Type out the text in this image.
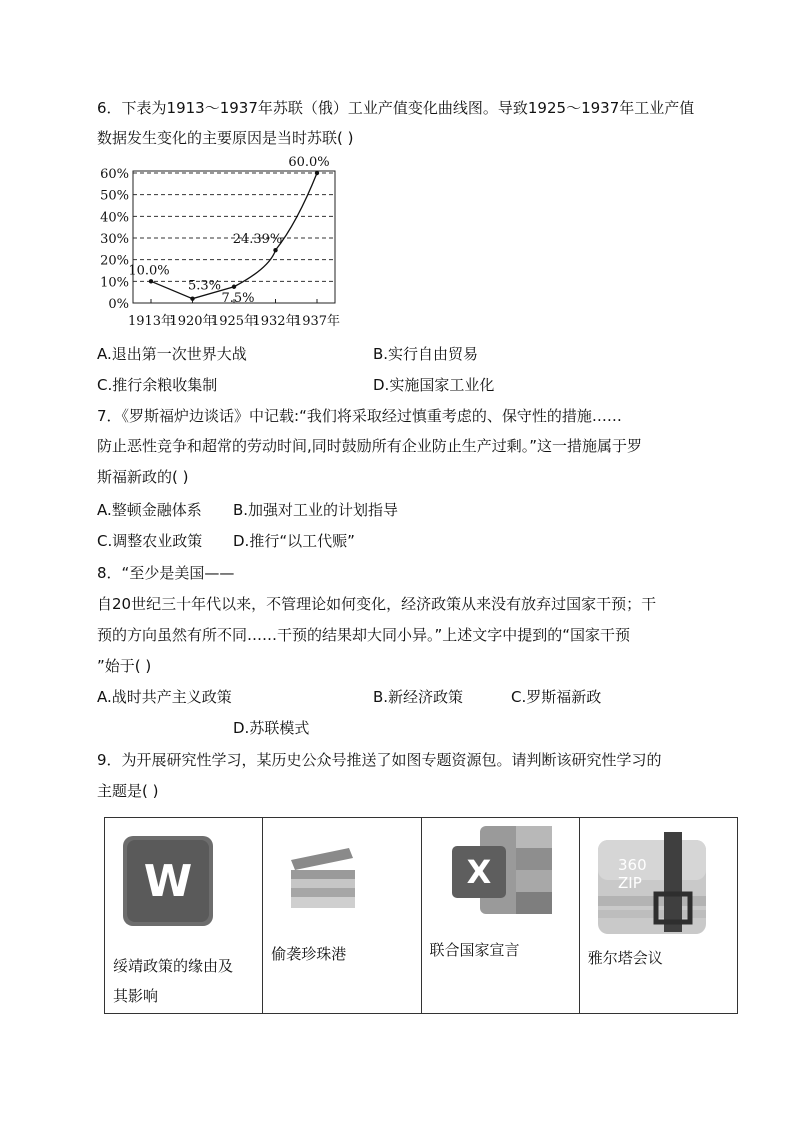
6．下表为1913～1937年苏联（俄）工业产值变化曲线图。导致1925～1937年工业产值
数据发生变化的主要原因是当时苏联( )
60%
50%
40%
30%
20%
10%
0%
1913年
1920年
1925年
1932年
1937年
10.0%
5.3%
7.5%
24.39%
60.0%
A.退出第一次世界大战	B.实行自由贸易
C.推行余粮收集制	D.实施国家工业化
7．《罗斯福炉边谈话》中记载:“我们将采取经过慎重考虑的、保守性的措施……
防止恶性竞争和超常的劳动时间,同时鼓励所有企业防止生产过剩。”这一措施属于罗
斯福新政的( )
A.整顿金融体系 B.加强对工业的计划指导
C.调整农业政策 D.推行“以工代赈”
8．“至少是美国——
自20世纪三十年代以来，不管理论如何变化，经济政策从来没有放弃过国家干预；干
预的方向虽然有所不同……干预的结果却大同小异。”上述文字中提到的“国家干预
”始于( )
A.战时共产主义政策	B.新经济政策	C.罗斯福新政
D.苏联模式
9．为开展研究性学习，某历史公众号推送了如图专题资源包。请判断该研究性学习的
主题是( )
W
绥靖政策的缘由及
其影响
偷袭珍珠港
X
联合国家宣言
360
ZIP
雅尔塔会议
